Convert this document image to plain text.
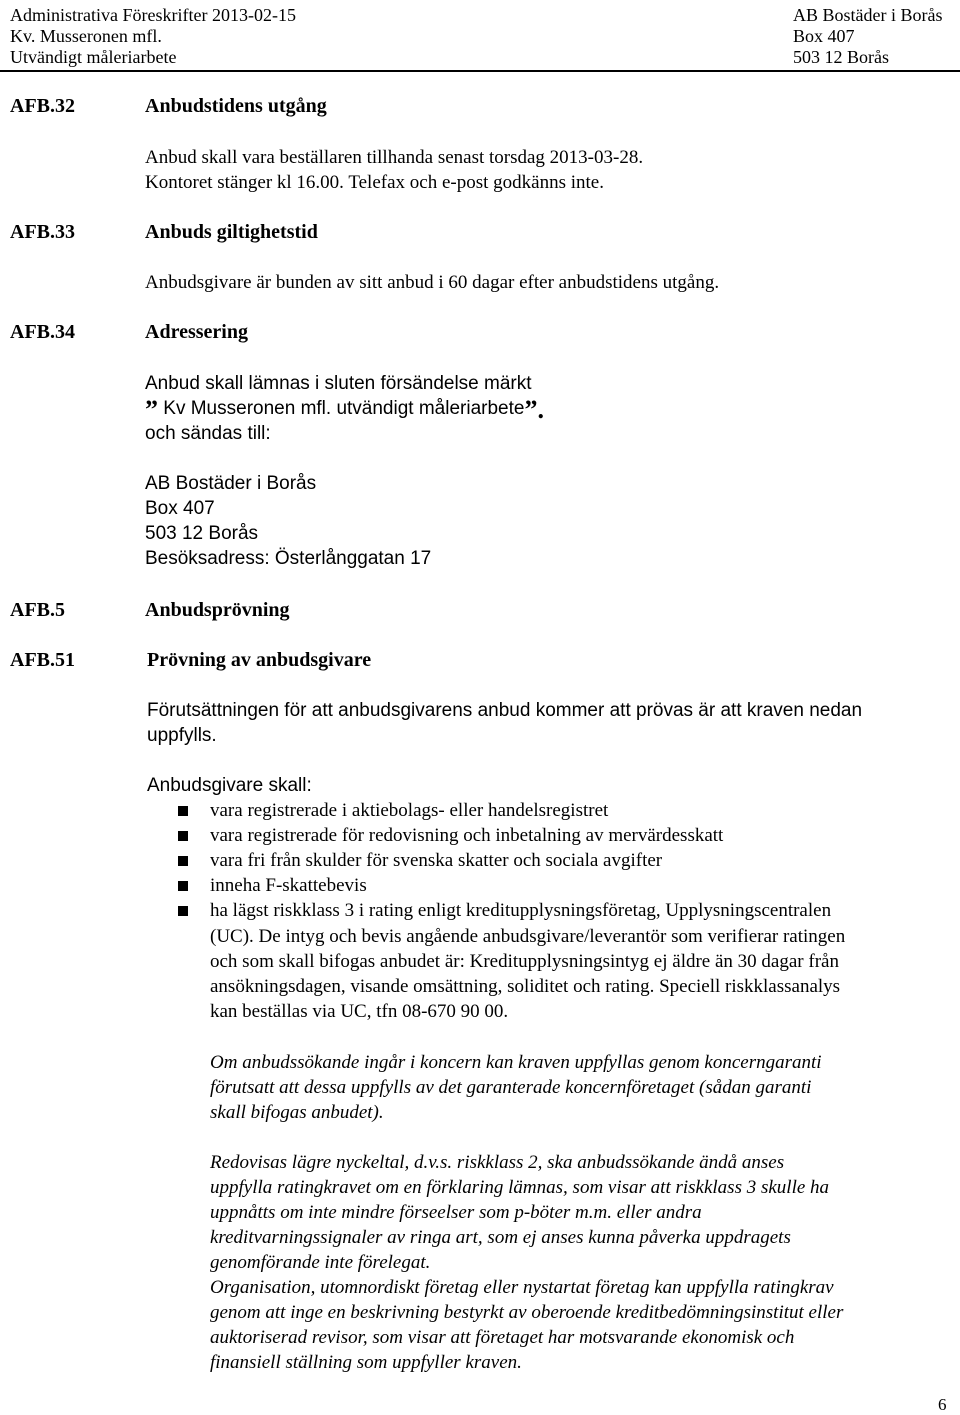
Administrativa Föreskrifter 2013-02-15
Kv. Musseronen mfl.
Utvändigt måleriarbete
AB Bostäder i Borås
Box 407
503 12 Borås
AFB.32	Anbudstidens utgång
Anbud skall vara beställaren tillhanda senast torsdag 2013-03-28.
Kontoret stänger kl 16.00. Telefax och e-post godkänns inte.
AFB.33	Anbuds giltighetstid
Anbudsgivare är bunden av sitt anbud i 60 dagar efter anbudstidens utgång.
AFB.34	Adressering
Anbud skall lämnas i sluten försändelse märkt
” Kv Musseronen mfl. utvändigt måleriarbete”.
och sändas till:
AB Bostäder i Borås
Box 407
503 12 Borås
Besöksadress: Österlånggatan 17
AFB.5	Anbudsprövning
AFB.51	Prövning av anbudsgivare
Förutsättningen för att anbudsgivarens anbud kommer att prövas är att kraven nedan
uppfylls.
Anbudsgivare skall:
vara registrerade i aktiebolags- eller handelsregistret
vara registrerade för redovisning och inbetalning av mervärdesskatt
vara fri från skulder för svenska skatter och sociala avgifter
inneha F-skattebevis
ha lägst riskklass 3 i rating enligt kreditupplysningsföretag, Upplysningscentralen
(UC). De intyg och bevis angående anbudsgivare/leverantör som verifierar ratingen
och som skall bifogas anbudet är: Kreditupplysningsintyg ej äldre än 30 dagar från
ansökningsdagen, visande omsättning, soliditet och rating. Speciell riskklassanalys
kan beställas via UC, tfn 08-670 90 00.
Om anbudssökande ingår i koncern kan kraven uppfyllas genom koncerngaranti
förutsatt att dessa uppfylls av det garanterade koncernföretaget (sådan garanti
skall bifogas anbudet).
Redovisas lägre nyckeltal, d.v.s. riskklass 2, ska anbudssökande ändå anses
uppfylla ratingkravet om en förklaring lämnas, som visar att riskklass 3 skulle ha
uppnåtts om inte mindre förseelser som p-böter m.m. eller andra
kreditvarningssignaler av ringa art, som ej anses kunna påverka uppdragets
genomförande inte förelegat.
Organisation, utomnordiskt företag eller nystartat företag kan uppfylla ratingkrav
genom att inge en beskrivning bestyrkt av oberoende kreditbedömningsinstitut eller
auktoriserad revisor, som visar att företaget har motsvarande ekonomisk och
finansiell ställning som uppfyller kraven.
6
